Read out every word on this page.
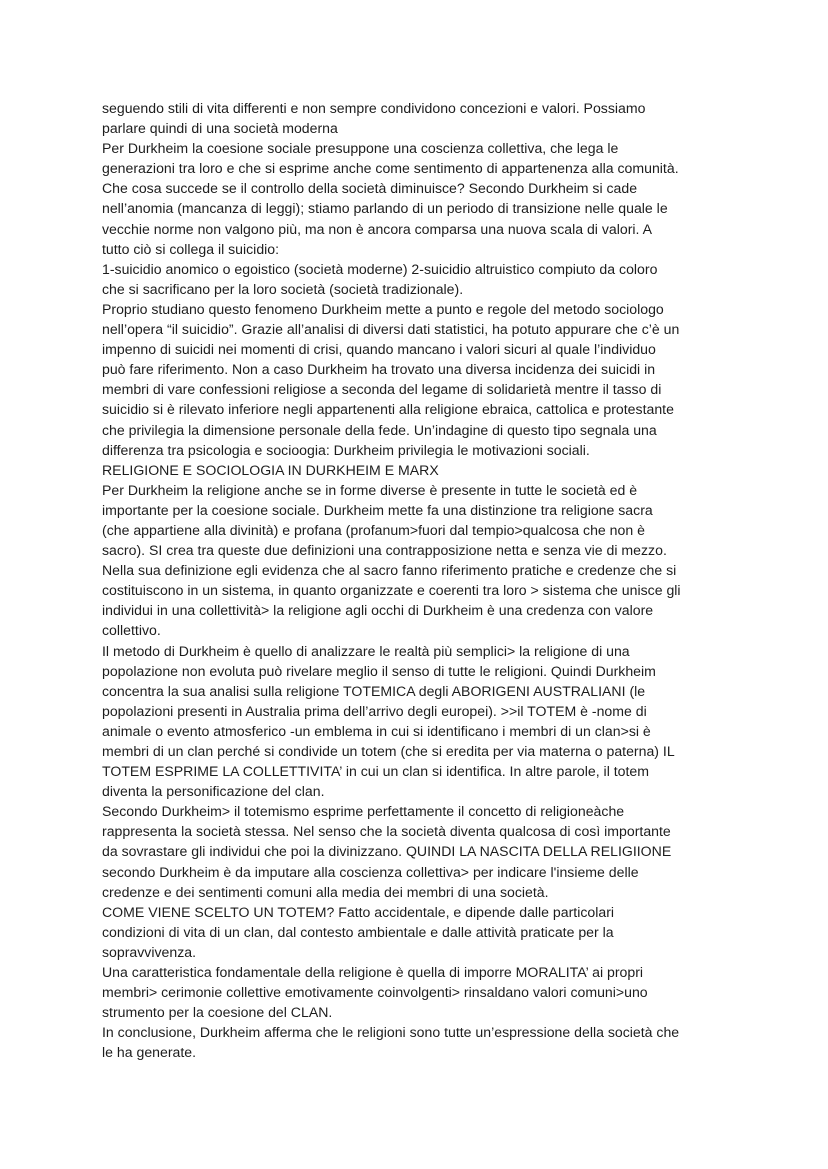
seguendo stili di vita differenti e non sempre condividono concezioni e valori. Possiamo
parlare quindi di una società moderna
Per Durkheim la coesione sociale presuppone una coscienza collettiva, che lega le
generazioni tra loro e che si esprime anche come sentimento di appartenenza alla comunità.
Che cosa succede se il controllo della società diminuisce? Secondo Durkheim si cade
nell’anomia (mancanza di leggi); stiamo parlando di un periodo di transizione nelle quale le
vecchie norme non valgono più, ma non è ancora comparsa una nuova scala di valori. A
tutto ciò si collega il suicidio:
1-suicidio anomico o egoistico (società moderne) 2-suicidio altruistico compiuto da coloro
che si sacrificano per la loro società (società tradizionale).
Proprio studiano questo fenomeno Durkheim mette a punto e regole del metodo sociologo
nell’opera “il suicidio”. Grazie all’analisi di diversi dati statistici, ha potuto appurare che c’è un
impenno di suicidi nei momenti di crisi, quando mancano i valori sicuri al quale l’individuo
può fare riferimento. Non a caso Durkheim ha trovato una diversa incidenza dei suicidi in
membri di vare confessioni religiose a seconda del legame di solidarietà mentre il tasso di
suicidio si è rilevato inferiore negli appartenenti alla religione ebraica, cattolica e protestante
che privilegia la dimensione personale della fede. Un’indagine di questo tipo segnala una
differenza tra psicologia e socioogia: Durkheim privilegia le motivazioni sociali.
RELIGIONE E SOCIOLOGIA IN DURKHEIM E MARX
Per Durkheim la religione anche se in forme diverse è presente in tutte le società ed è
importante per la coesione sociale. Durkheim mette fa una distinzione tra religione sacra
(che appartiene alla divinità) e profana (profanum>fuori dal tempio>qualcosa che non è
sacro). SI crea tra queste due definizioni una contrapposizione netta e senza vie di mezzo.
Nella sua definizione egli evidenza che al sacro fanno riferimento pratiche e credenze che si
costituiscono in un sistema, in quanto organizzate e coerenti tra loro > sistema che unisce gli
individui in una collettività> la religione agli occhi di Durkheim è una credenza con valore
collettivo.
Il metodo di Durkheim è quello di analizzare le realtà più semplici> la religione di una
popolazione non evoluta può rivelare meglio il senso di tutte le religioni. Quindi Durkheim
concentra la sua analisi sulla religione TOTEMICA degli ABORIGENI AUSTRALIANI (le
popolazioni presenti in Australia prima dell’arrivo degli europei). >>il TOTEM è -nome di
animale o evento atmosferico -un emblema in cui si identificano i membri di un clan>si è
membri di un clan perché si condivide un totem (che si eredita per via materna o paterna) IL
TOTEM ESPRIME LA COLLETTIVITA’ in cui un clan si identifica. In altre parole, il totem
diventa la personificazione del clan.
Secondo Durkheim> il totemismo esprime perfettamente il concetto di religioneàche
rappresenta la società stessa. Nel senso che la società diventa qualcosa di così importante
da sovrastare gli individui che poi la divinizzano. QUINDI LA NASCITA DELLA RELIGIIONE
secondo Durkheim è da imputare alla coscienza collettiva> per indicare l'insieme delle
credenze e dei sentimenti comuni alla media dei membri di una società.
COME VIENE SCELTO UN TOTEM? Fatto accidentale, e dipende dalle particolari
condizioni di vita di un clan, dal contesto ambientale e dalle attività praticate per la
sopravvivenza.
Una caratteristica fondamentale della religione è quella di imporre MORALITA’ ai propri
membri> cerimonie collettive emotivamente coinvolgenti> rinsaldano valori comuni>uno
strumento per la coesione del CLAN.
In conclusione, Durkheim afferma che le religioni sono tutte un’espressione della società che
le ha generate.
